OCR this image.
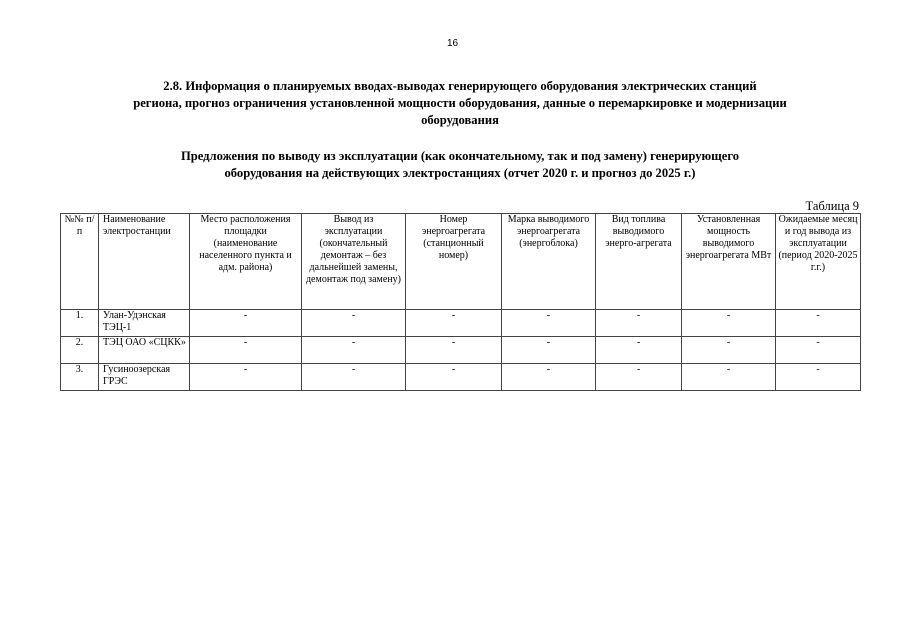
16
2.8. Информация о планируемых вводах-выводах генерирующего оборудования электрических станций
региона, прогноз ограничения установленной мощности оборудования, данные о перемаркировке и модернизации
оборудования
Предложения по выводу из эксплуатации (как окончательному, так и под замену) генерирующего
оборудования на действующих электростанциях (отчет 2020 г. и прогноз до 2025 г.)
Таблица 9
№№ п/п	Наименование электростанции	Место расположения площадки (наименование населенного пункта и адм. района)	Вывод из эксплуатации (окончательный демонтаж – без дальнейшей замены, демонтаж под замену)	Номер энергоагрегата (станционный номер)	Марка выводимого энергоагрегата (энергоблока)	Вид топлива выводимого энерго-агрегата	Установленная мощность выводимого энергоагрегата МВт	Ожидаемые месяц и год вывода из эксплуатации (период 2020-2025 г.г.)
1.	Улан-Удэнская ТЭЦ-1	-	-	-	-	-	-	-
2.	ТЭЦ ОАО «СЦКК»	-	-	-	-	-	-	-
3.	Гусиноозерская ГРЭС	-	-	-	-	-	-	-
